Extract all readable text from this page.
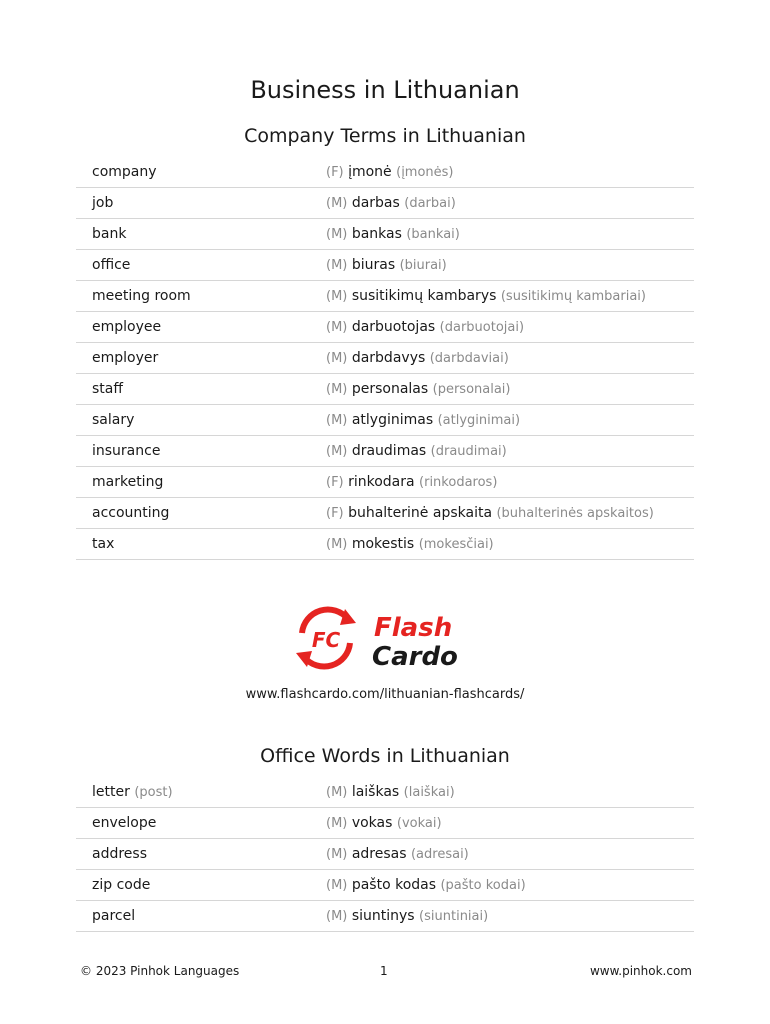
Business in Lithuanian
Company Terms in Lithuanian
company	(F) įmonė (įmonės)
job	(M) darbas (darbai)
bank	(M) bankas (bankai)
office	(M) biuras (biurai)
meeting room	(M) susitikimų kambarys (susitikimų kambariai)
employee	(M) darbuotojas (darbuotojai)
employer	(M) darbdavys (darbdaviai)
staff	(M) personalas (personalai)
salary	(M) atlyginimas (atlyginimai)
insurance	(M) draudimas (draudimai)
marketing	(F) rinkodara (rinkodaros)
accounting	(F) buhalterinė apskaita (buhalterinės apskaitos)
tax	(M) mokestis (mokesčiai)
FC Flash
Cardo
www.flashcardo.com/lithuanian-flashcards/
Office Words in Lithuanian
letter (post)	(M) laiškas (laiškai)
envelope	(M) vokas (vokai)
address	(M) adresas (adresai)
zip code	(M) pašto kodas (pašto kodai)
parcel	(M) siuntinys (siuntiniai)
© 2023 Pinhok Languages	1	www.pinhok.com
